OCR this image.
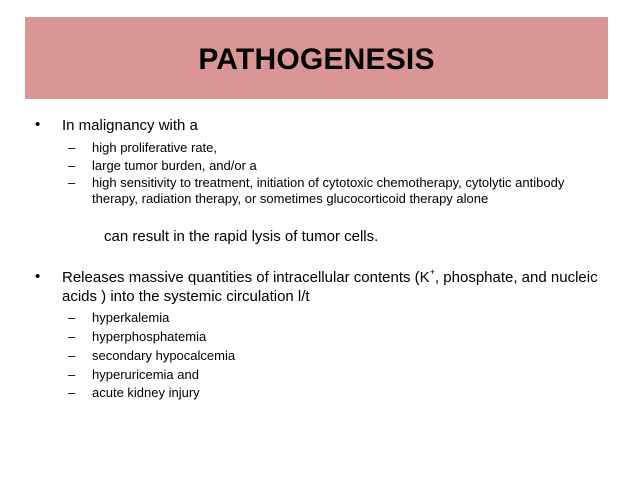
PATHOGENESIS
• In malignancy with a
– high proliferative rate,
– large tumor burden, and/or a
– high sensitivity to treatment, initiation of cytotoxic chemotherapy, cytolytic antibody therapy, radiation therapy, or sometimes glucocorticoid therapy alone
can result in the rapid lysis of tumor cells.
• Releases massive quantities of intracellular contents (K+, phosphate, and nucleic acids ) into the systemic circulation l/t
– hyperkalemia
– hyperphosphatemia
– secondary hypocalcemia
– hyperuricemia and
– acute kidney injury
